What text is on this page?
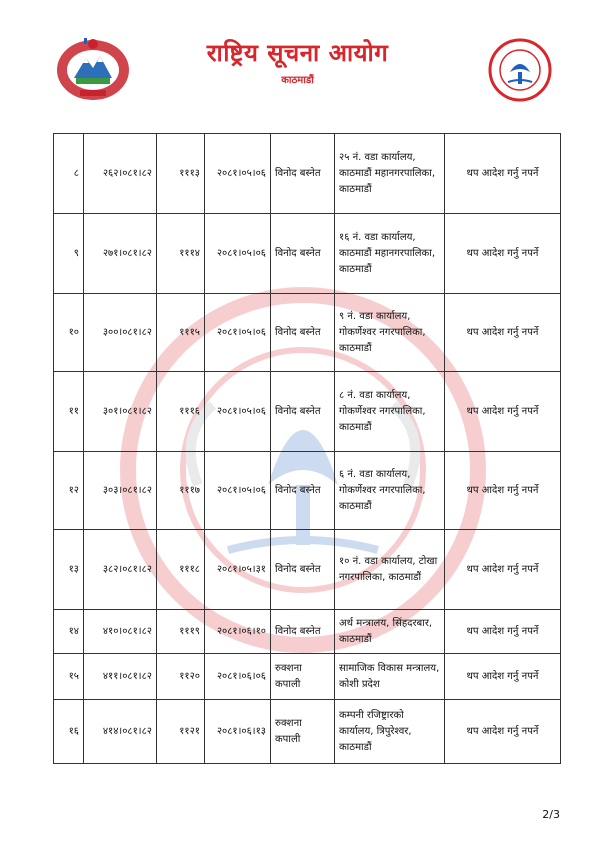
राष्ट्रिय सूचना आयोग
काठमाडौं
८	२६२।०८१।८२	१११३	२०८१।०५।०६	विनोद बस्नेत	२५ नं. वडा कार्यालय, काठमाडौं महानगरपालिका, काठमाडौं	थप आदेश गर्नु नपर्ने
९	२७१।०८१।८२	१११४	२०८१।०५।०६	विनोद बस्नेत	१६ नं. वडा कार्यालय, काठमाडौं महानगरपालिका, काठमाडौं	थप आदेश गर्नु नपर्ने
१०	३००।०८१।८२	१११५	२०८१।०५।०६	विनोद बस्नेत	९ नं. वडा कार्यालय, गोकर्णेश्वर नगरपालिका, काठमाडौं	थप आदेश गर्नु नपर्ने
११	३०१।०८१।८२	१११६	२०८१।०५।०६	विनोद बस्नेत	८ नं. वडा कार्यालय, गोकर्णेश्वर नगरपालिका, काठमाडौं	थप आदेश गर्नु नपर्ने
१२	३०३।०८१।८२	१११७	२०८१।०५।०६	विनोद बस्नेत	६ नं. वडा कार्यालय, गोकर्णेश्वर नगरपालिका, काठमाडौं	थप आदेश गर्नु नपर्ने
१३	३८२।०८१।८२	१११८	२०८१।०५।३१	विनोद बस्नेत	१० नं. वडा कार्यालय, टोखा नगरपालिका, काठमाडौं	थप आदेश गर्नु नपर्ने
१४	४१०।०८१।८२	१११९	२०८१।०६।१०	विनोद बस्नेत	अर्थ मन्त्रालय, सिंहदरबार, काठमाडौं	थप आदेश गर्नु नपर्ने
१५	४११।०८१।८२	११२०	२०८१।०६।०६	रुक्शना कपाली	सामाजिक विकास मन्त्रालय, कोशी प्रदेश	थप आदेश गर्नु नपर्ने
१६	४१४।०८१।८२	११२१	२०८१।०६।१३	रुक्शना कपाली	कम्पनी रजिष्ट्रारको कार्यालय, त्रिपुरेश्वर, काठमाडौं	थप आदेश गर्नु नपर्ने
2/3
